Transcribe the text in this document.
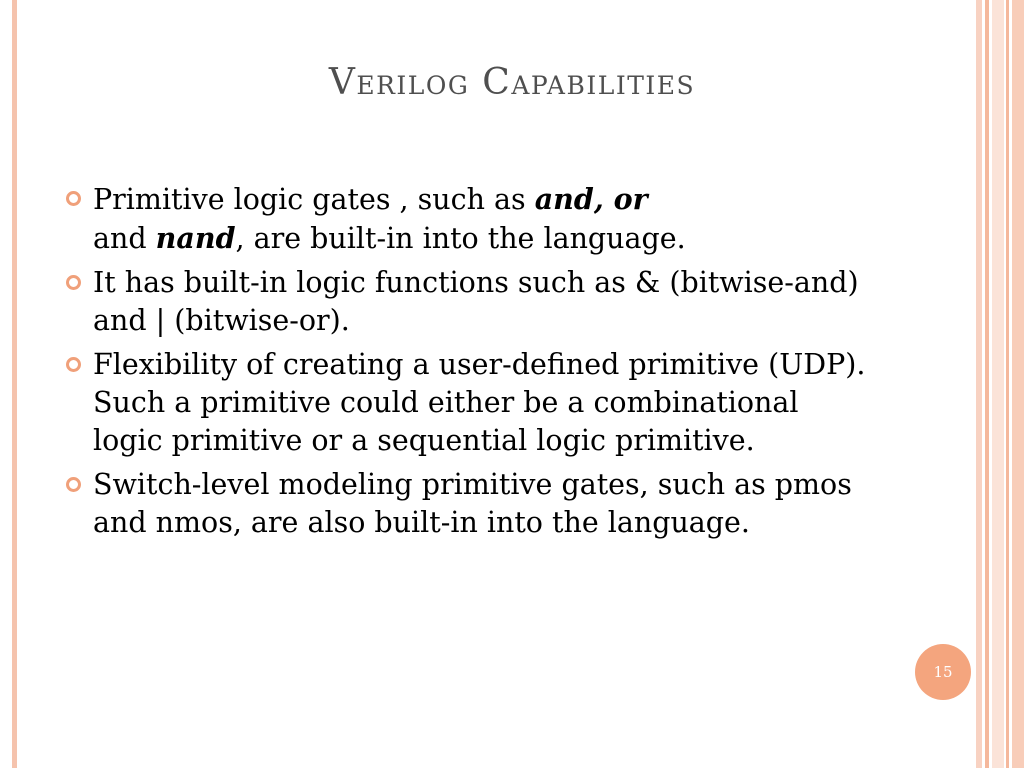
Verilog Capabilities
Primitive logic gates , such as and, or
and nand, are built-in into the language.
It has built-in logic functions such as & (bitwise-and) and | (bitwise-or).
Flexibility of creating a user-defined primitive (UDP). Such a primitive could either be a combinational logic primitive or a sequential logic primitive.
Switch-level modeling primitive gates, such as pmos and nmos, are also built-in into the language.
15
